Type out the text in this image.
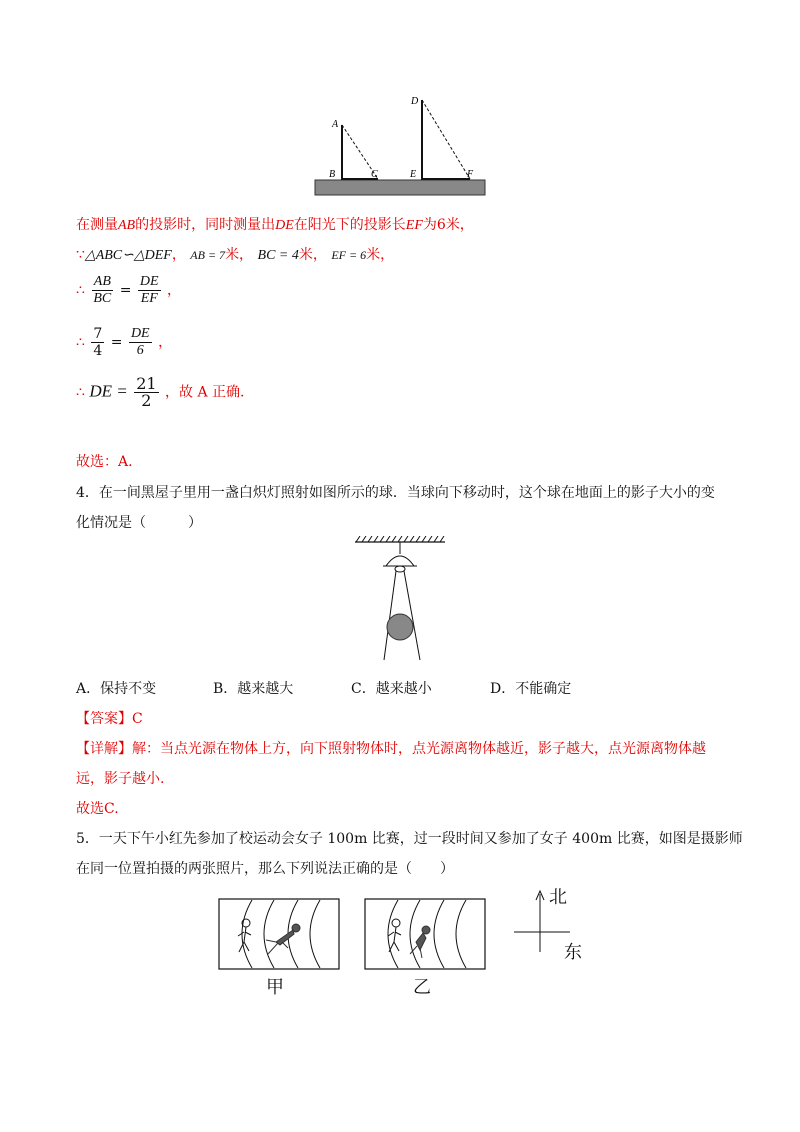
A
B	C
D
E	F
在测量AB的投影时，同时测量出DE在阳光下的投影长EF为6米，
∵△ABC∽△DEF， AB = 7米， BC = 4米， EF = 6米，
∴ $\frac{AB}{BC} = \frac{DE}{EF}$ ，
∴ $\frac{7}{4} = \frac{DE}{6}$ ，
∴ DE = $\frac{21}{2}$ ，故 A 正确.
故选：A.
4．在一间黑屋子里用一盏白炽灯照射如图所示的球．当球向下移动时，这个球在地面上的影子大小的变
化情况是（　　　）
A．保持不变	B．越来越大	C．越来越小	D．不能确定
【答案】C
【详解】解：当点光源在物体上方，向下照射物体时，点光源离物体越近，影子越大，点光源离物体越
远，影子越小.
故选C.
5．一天下午小红先参加了校运动会女子 100m 比赛，过一段时间又参加了女子 400m 比赛，如图是摄影师
在同一位置拍摄的两张照片，那么下列说法正确的是（　　）
甲	乙
北
东
